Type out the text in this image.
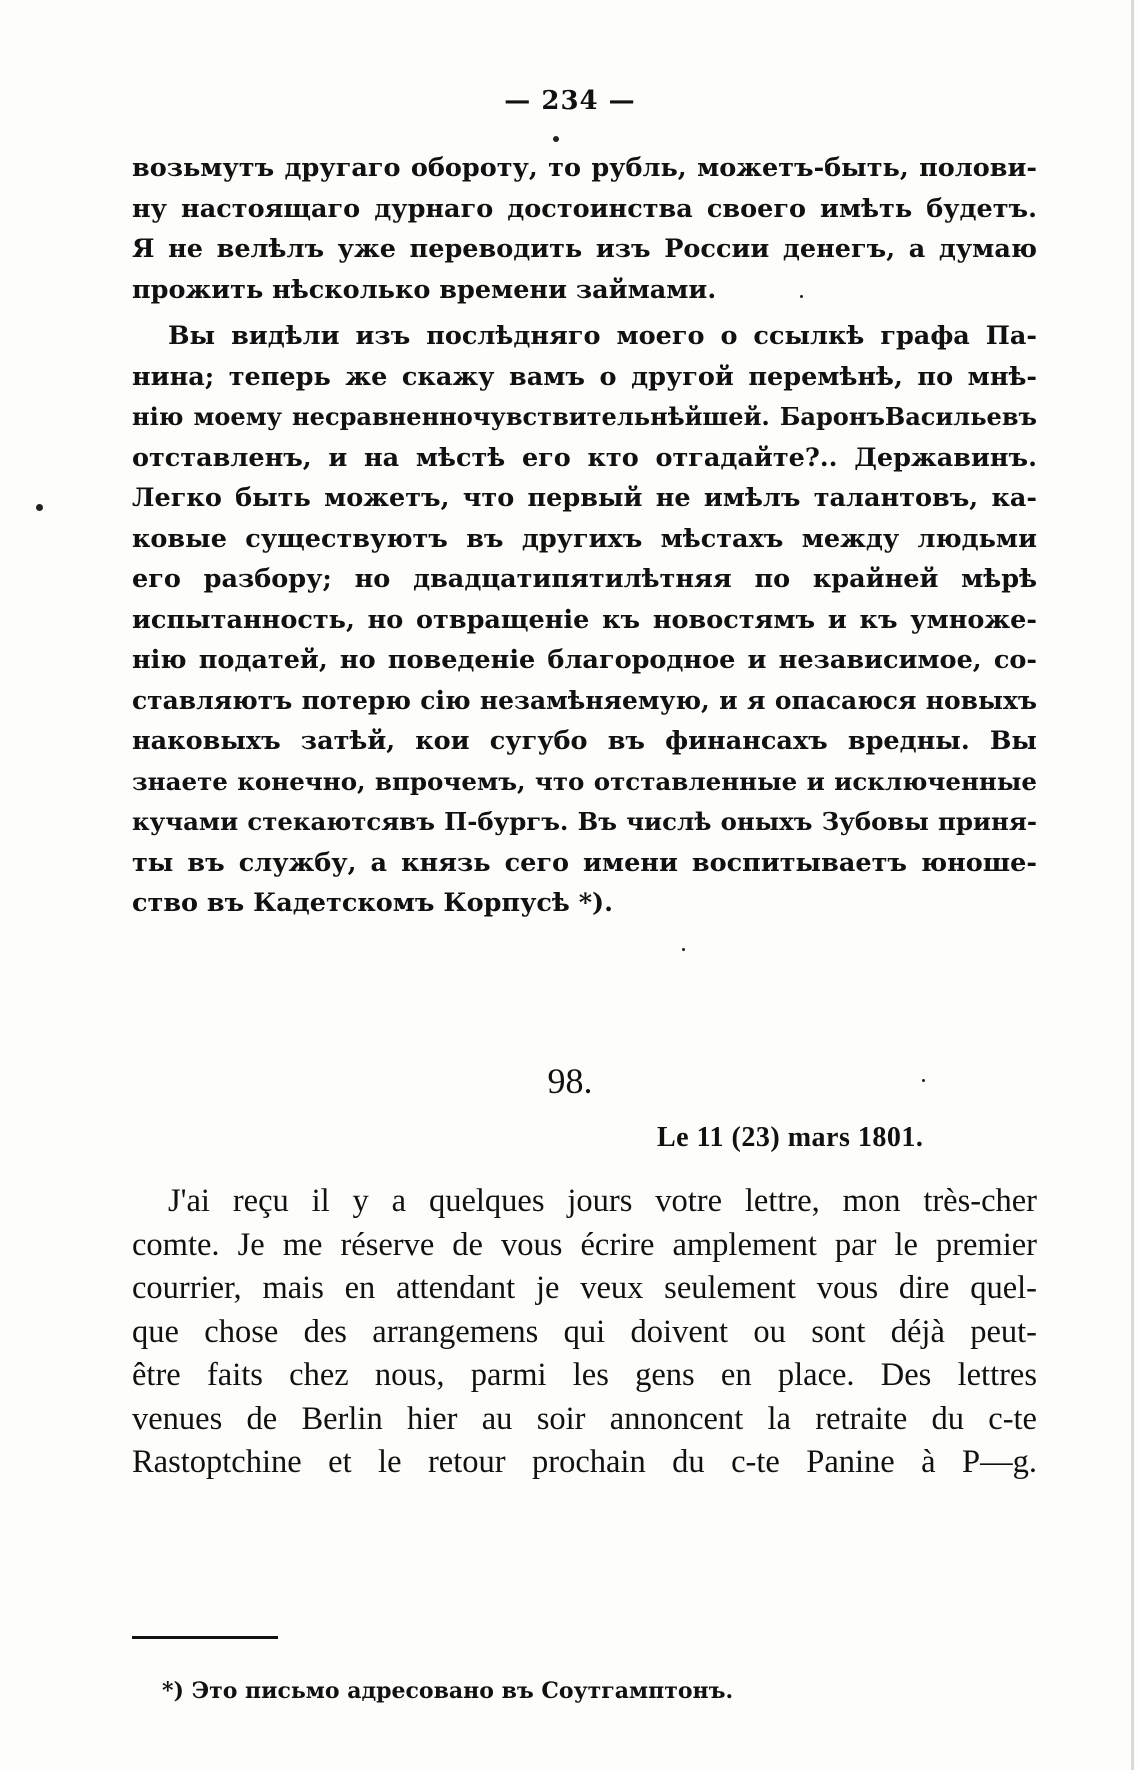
— 234 —
возьмутъ другаго обороту, то рубль, можетъ-быть, полови-
ну настоящаго дурнаго достоинства своего имѣть будетъ.
Я не велѣлъ уже переводить изъ России денегъ, а думаю
прожить нѣсколько времени займами.
Вы видѣли изъ послѣдняго моего о ссылкѣ графа Па-
нина; теперь же скажу вамъ о другой перемѣнѣ, по мнѣ-
нію моему несравненночувствительнѣйшей. БаронъВасильевъ
отставленъ, и на мѣстѣ его кто отгадайте?.. Державинъ.
Легко быть можетъ, что первый не имѣлъ талантовъ, ка-
ковые существуютъ въ другихъ мѣстахъ между людьми
его разбору; но двадцатипятилѣтняя по крайней мѣрѣ
испытанность, но отвращеніе къ новостямъ и къ умноже-
нію податей, но поведеніе благородное и независимое, со-
ставляютъ потерю сію незамѣняемую, и я опасаюся новыхъ
наковыхъ затѣй, кои сугубо въ финансахъ вредны. Вы
знаете конечно, впрочемъ, что отставленные и исключенные
кучами стекаютсявъ П-бургъ. Въ числѣ оныхъ Зубовы приня-
ты въ службу, а князь сего имени воспитываетъ юноше-
ство въ Кадетскомъ Корпусѣ *).
98.
Le 11 (23) mars 1801.
J'ai reçu il y a quelques jours votre lettre, mon très-cher
comte. Je me réserve de vous écrire amplement par le premier
courrier, mais en attendant je veux seulement vous dire quel-
que chose des arrangemens qui doivent ou sont déjà peut-
être faits chez nous, parmi les gens en place. Des lettres
venues de Berlin hier au soir annoncent la retraite du c-te
Rastoptchine et le retour prochain du c-te Panine à P—g.
*) Это письмо адресовано въ Соутгамптонъ.
